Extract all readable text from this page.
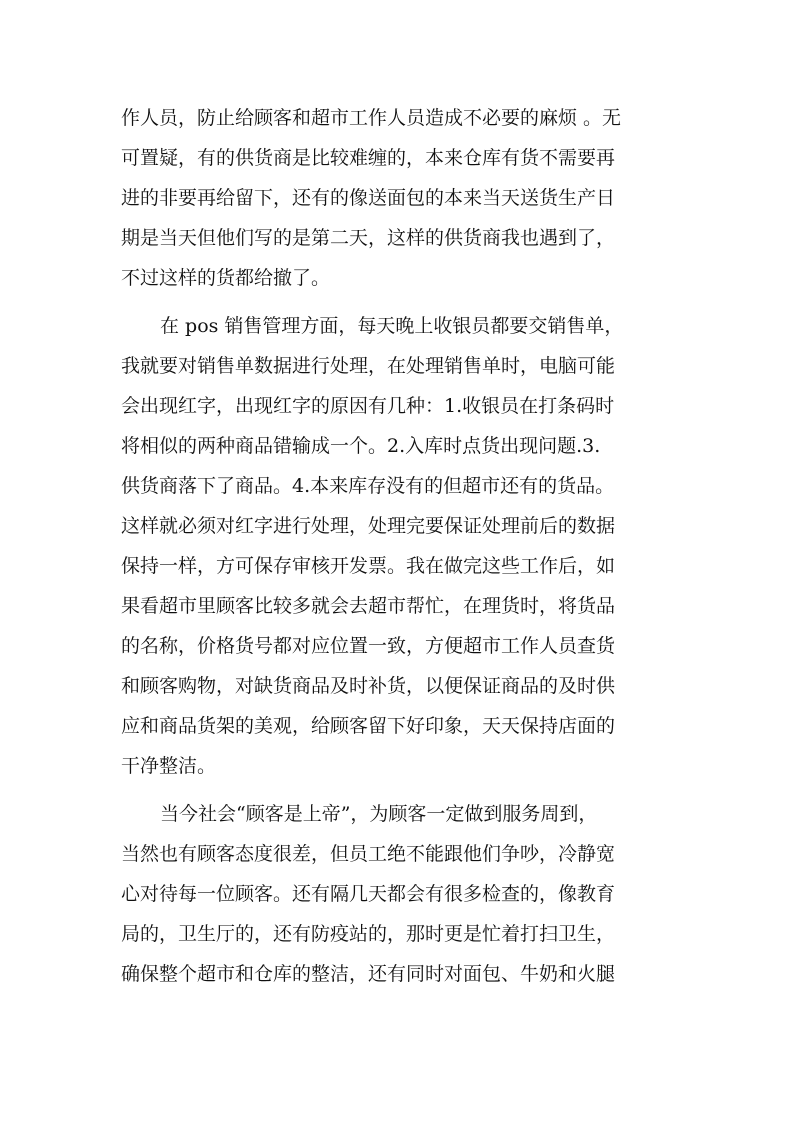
作人员，防止给顾客和超市工作人员造成不必要的麻烦 。无
可置疑，有的供货商是比较难缠的，本来仓库有货不需要再
进的非要再给留下，还有的像送面包的本来当天送货生产日
期是当天但他们写的是第二天，这样的供货商我也遇到了，
不过这样的货都给撤了。
在 pos 销售管理方面，每天晚上收银员都要交销售单，
我就要对销售单数据进行处理，在处理销售单时，电脑可能
会出现红字，出现红字的原因有几种：1.收银员在打条码时
将相似的两种商品错输成一个。2.入库时点货出现问题.3.
供货商落下了商品。4.本来库存没有的但超市还有的货品。
这样就必须对红字进行处理，处理完要保证处理前后的数据
保持一样，方可保存审核开发票。我在做完这些工作后，如
果看超市里顾客比较多就会去超市帮忙，在理货时，将货品
的名称，价格货号都对应位置一致，方便超市工作人员查货
和顾客购物，对缺货商品及时补货，以便保证商品的及时供
应和商品货架的美观，给顾客留下好印象，天天保持店面的
干净整洁。
当今社会“顾客是上帝”，为顾客一定做到服务周到，
当然也有顾客态度很差，但员工绝不能跟他们争吵，冷静宽
心对待每一位顾客。还有隔几天都会有很多检查的，像教育
局的，卫生厅的，还有防疫站的，那时更是忙着打扫卫生，
确保整个超市和仓库的整洁，还有同时对面包、牛奶和火腿
